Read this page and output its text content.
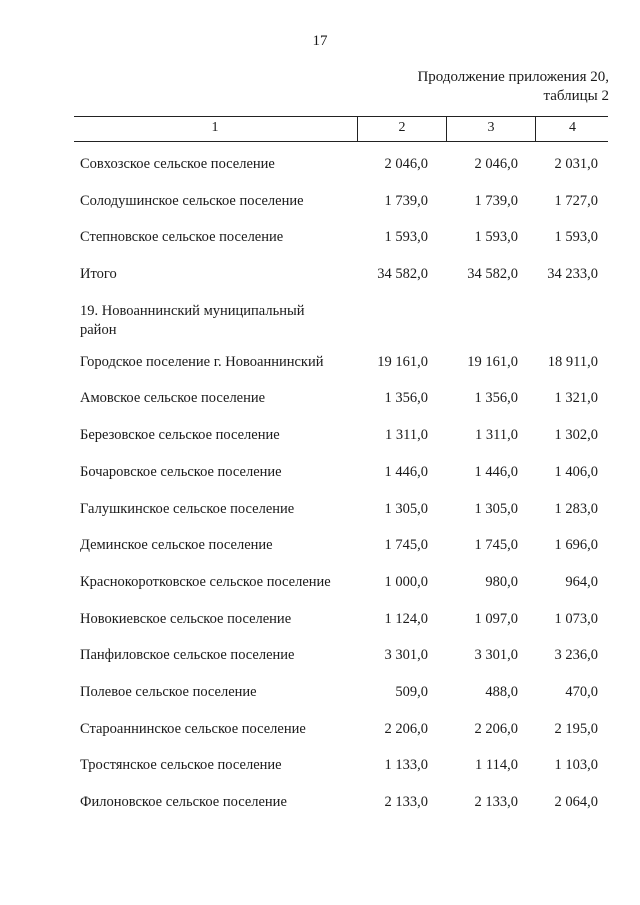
17
Продолжение приложения 20,
таблицы 2
1	2	3	4
Совхозское сельское поселение	2 046,0	2 046,0	2 031,0
Солодушинское сельское поселение	1 739,0	1 739,0	1 727,0
Степновское сельское поселение	1 593,0	1 593,0	1 593,0
Итого	34 582,0	34 582,0	34 233,0
19. Новоаннинский муниципальный район
Городское поселение г. Новоаннинский	19 161,0	19 161,0	18 911,0
Амовское сельское поселение	1 356,0	1 356,0	1 321,0
Березовское сельское поселение	1 311,0	1 311,0	1 302,0
Бочаровское сельское поселение	1 446,0	1 446,0	1 406,0
Галушкинское сельское поселение	1 305,0	1 305,0	1 283,0
Деминское сельское поселение	1 745,0	1 745,0	1 696,0
Краснокоротковское сельское поселение	1 000,0	980,0	964,0
Новокиевское сельское поселение	1 124,0	1 097,0	1 073,0
Панфиловское сельское поселение	3 301,0	3 301,0	3 236,0
Полевое сельское поселение	509,0	488,0	470,0
Староаннинское сельское поселение	2 206,0	2 206,0	2 195,0
Тростянское сельское поселение	1 133,0	1 114,0	1 103,0
Филоновское сельское поселение	2 133,0	2 133,0	2 064,0
